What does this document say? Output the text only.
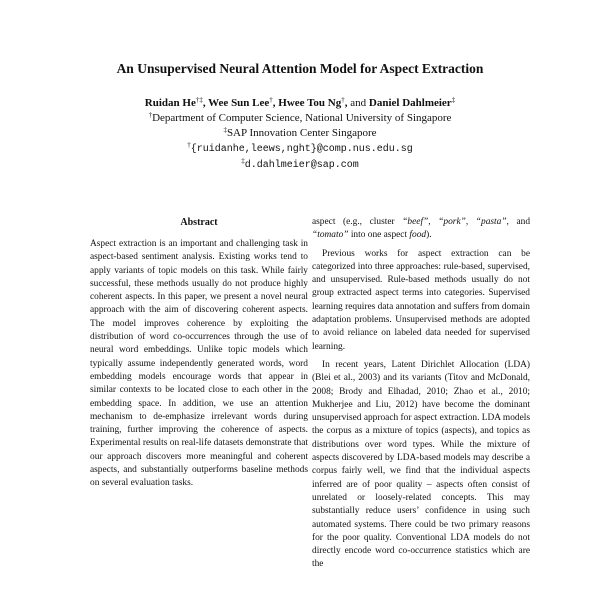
An Unsupervised Neural Attention Model for Aspect Extraction
Ruidan He†‡, Wee Sun Lee†, Hwee Tou Ng†, and Daniel Dahlmeier‡
†Department of Computer Science, National University of Singapore
‡SAP Innovation Center Singapore
†{ruidanhe,leews,nght}@comp.nus.edu.sg
‡d.dahlmeier@sap.com
Abstract

Aspect extraction is an important and challenging task in aspect-based sentiment analysis. Existing works tend to apply variants of topic models on this task. While fairly successful, these methods usually do not produce highly coherent aspects. In this paper, we present a novel neural approach with the aim of discovering coherent aspects. The model improves coherence by exploiting the distribution of word co-occurrences through the use of neural word embeddings. Unlike topic models which typically assume independently generated words, word embedding models encourage words that appear in similar contexts to be located close to each other in the embedding space. In addition, we use an attention mechanism to de-emphasize irrelevant words during training, further improving the coherence of aspects. Experimental results on real-life datasets demonstrate that our approach discovers more meaningful and coherent aspects, and substantially outperforms baseline methods on several evaluation tasks.

aspect (e.g., cluster “beef”, “pork”, “pasta”, and “tomato” into one aspect food).

Previous works for aspect extraction can be categorized into three approaches: rule-based, supervised, and unsupervised. Rule-based methods usually do not group extracted aspect terms into categories. Supervised learning requires data annotation and suffers from domain adaptation problems. Unsupervised methods are adopted to avoid reliance on labeled data needed for supervised learning.

In recent years, Latent Dirichlet Allocation (LDA) (Blei et al., 2003) and its variants (Titov and McDonald, 2008; Brody and Elhadad, 2010; Zhao et al., 2010; Mukherjee and Liu, 2012) have become the dominant unsupervised approach for aspect extraction. LDA models the corpus as a mixture of topics (aspects), and topics as distributions over word types. While the mixture of aspects discovered by LDA-based models may describe a corpus fairly well, we find that the individual aspects inferred are of poor quality – aspects often consist of unrelated or loosely-related concepts. This may substantially reduce users’ confidence in using such automated systems. There could be two primary reasons for the poor quality. Conventional LDA models do not directly encode word co-occurrence statistics which are the
